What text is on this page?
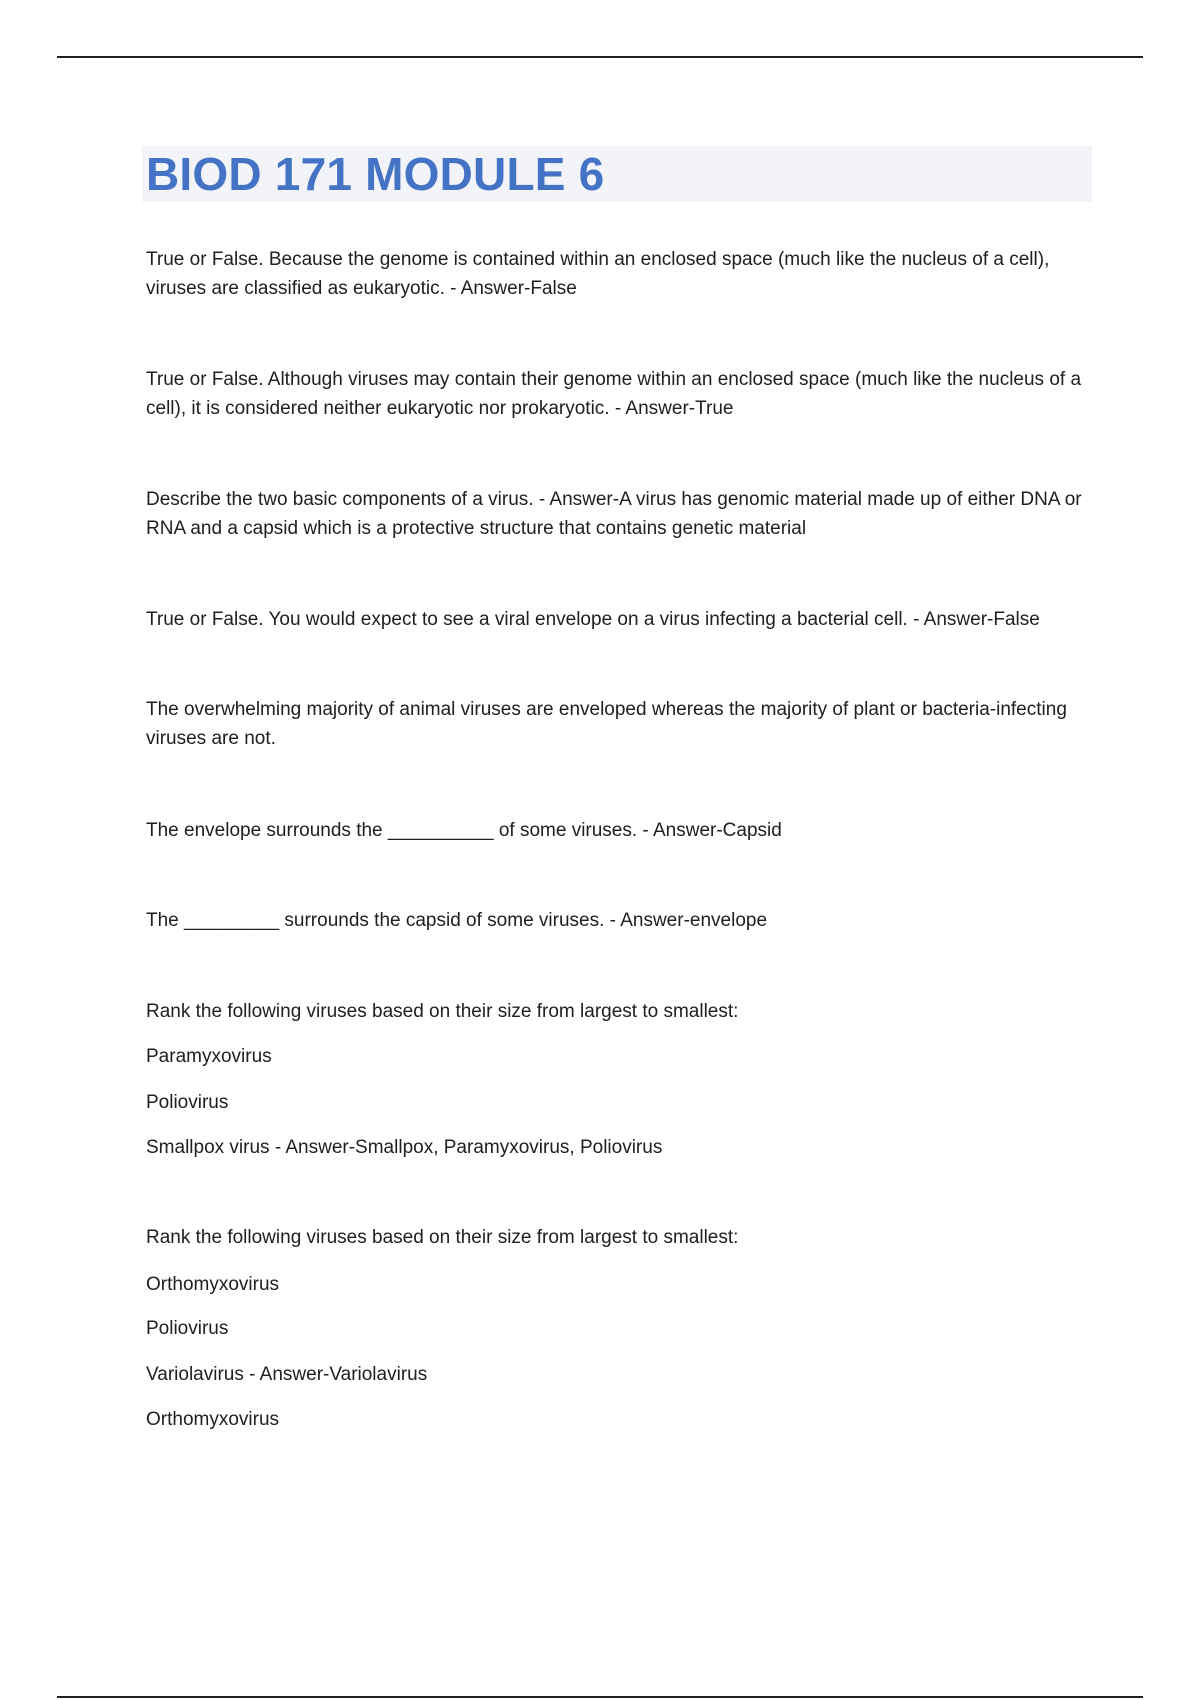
BIOD 171 MODULE 6

True or False. Because the genome is contained within an enclosed space (much like the nucleus of a cell), viruses are classified as eukaryotic. - Answer-False

True or False. Although viruses may contain their genome within an enclosed space (much like the nucleus of a cell), it is considered neither eukaryotic nor prokaryotic. - Answer-True

Describe the two basic components of a virus. - Answer-A virus has genomic material made up of either DNA or RNA and a capsid which is a protective structure that contains genetic material

True or False. You would expect to see a viral envelope on a virus infecting a bacterial cell. - Answer-False

The overwhelming majority of animal viruses are enveloped whereas the majority of plant or bacteria-infecting viruses are not.

The envelope surrounds the __________ of some viruses. - Answer-Capsid

The _________ surrounds the capsid of some viruses. - Answer-envelope

Rank the following viruses based on their size from largest to smallest:

Paramyxovirus

Poliovirus

Smallpox virus - Answer-Smallpox, Paramyxovirus, Poliovirus

Rank the following viruses based on their size from largest to smallest:

Orthomyxovirus

Poliovirus

Variolavirus - Answer-Variolavirus

Orthomyxovirus
